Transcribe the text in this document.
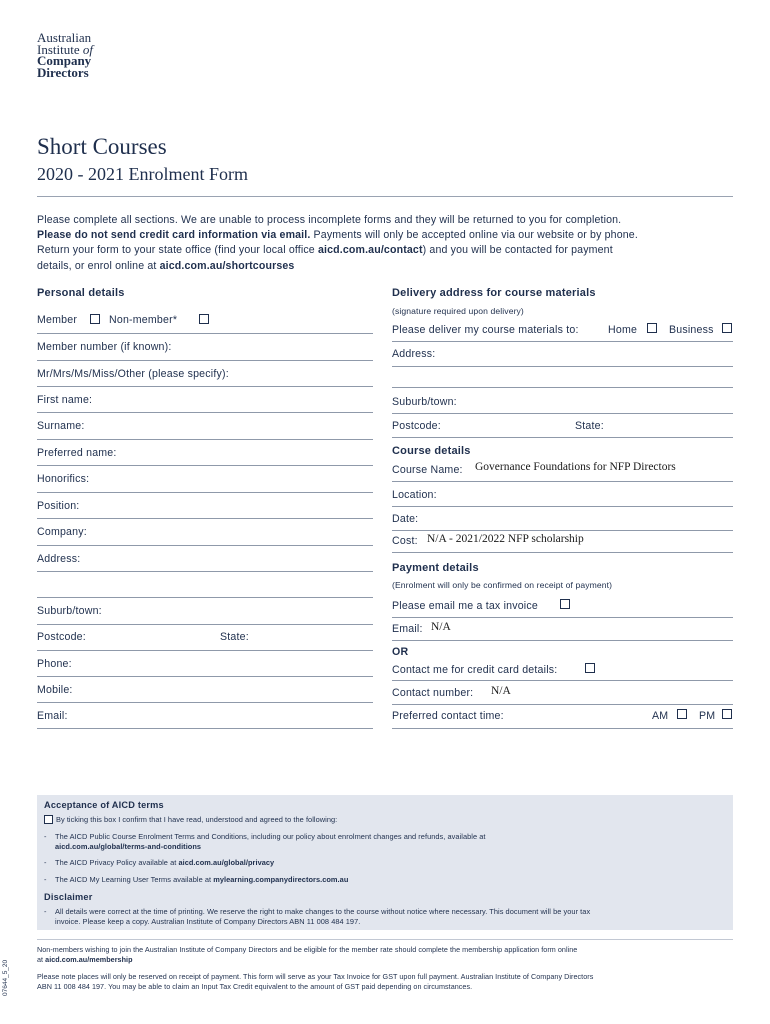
Australian
Institute of
Company
Directors
Short Courses
2020 - 2021 Enrolment Form
Please complete all sections. We are unable to process incomplete forms and they will be returned to you for completion.
Please do not send credit card information via email. Payments will only be accepted online via our website or by phone.
Return your form to your state office (find your local office aicd.com.au/contact) and you will be contacted for payment
details, or enrol online at aicd.com.au/shortcourses
Personal details
Member	Non-member*
Member number (if known):
Mr/Mrs/Ms/Miss/Other (please specify):
First name:
Surname:
Preferred name:
Honorifics:
Position:
Company:
Address:
Suburb/town:
Postcode:	State:
Phone:
Mobile:
Email:
Delivery address for course materials
(signature required upon delivery)
Please deliver my course materials to:	Home	Business
Address:
Suburb/town:
Postcode:	State:
Course details
Course Name: Governance Foundations for NFP Directors
Location:
Date:
Cost: N/A - 2021/2022 NFP scholarship
Payment details
(Enrolment will only be confirmed on receipt of payment)
Please email me a tax invoice
Email: N/A
OR
Contact me for credit card details:
Contact number: N/A
Preferred contact time:	AM	PM
Acceptance of AICD terms
By ticking this box I confirm that I have read, understood and agreed to the following:
- The AICD Public Course Enrolment Terms and Conditions, including our policy about enrolment changes and refunds, available at
aicd.com.au/global/terms-and-conditions
- The AICD Privacy Policy available at aicd.com.au/global/privacy
- The AICD My Learning User Terms available at mylearning.companydirectors.com.au
Disclaimer
- All details were correct at the time of printing. We reserve the right to make changes to the course without notice where necessary. This document will be your tax
invoice. Please keep a copy. Australian Institute of Company Directors ABN 11 008 484 197.
Non-members wishing to join the Australian Institute of Company Directors and be eligible for the member rate should complete the membership application form online
at aicd.com.au/membership
Please note places will only be reserved on receipt of payment. This form will serve as your Tax Invoice for GST upon full payment. Australian Institute of Company Directors
ABN 11 008 484 197. You may be able to claim an Input Tax Credit equivalent to the amount of GST paid depending on circumstances.
07644_5_20
